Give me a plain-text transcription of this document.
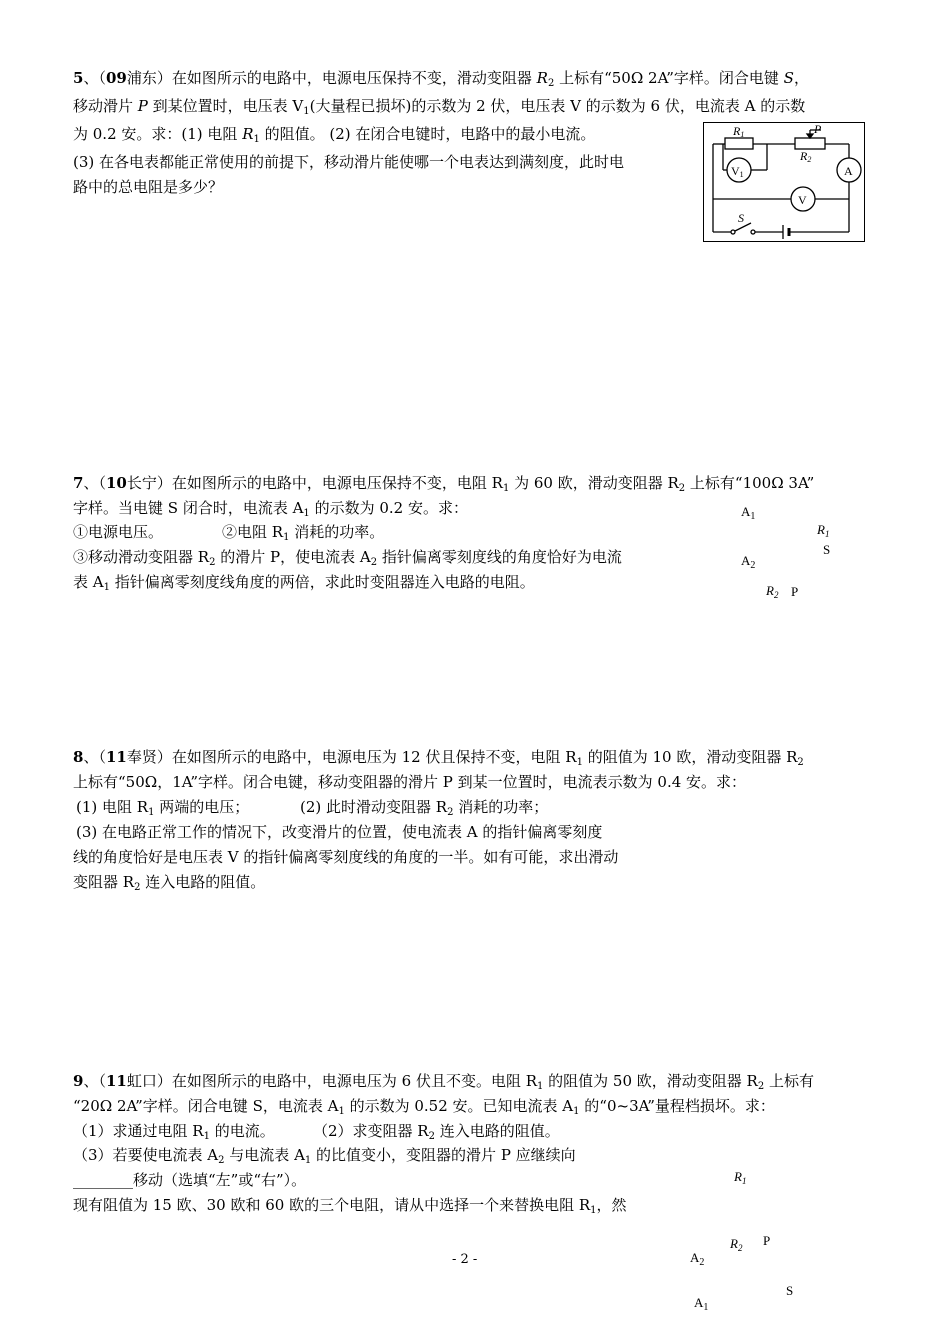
5、（09浦东）在如图所示的电路中，电源电压保持不变，滑动变阻器 $R_2$ 上标有“50Ω 2A”字样。闭合电键 S，
移动滑片 P 到某位置时，电压表 $V_1$(大量程已损坏)的示数为 2 伏，电压表 V 的示数为 6 伏，电流表 A 的示数
为 0.2 安。求：(1) 电阻 $R_1$ 的阻值。 (2) 在闭合电键时，电路中的最小电流。
(3) 在各电表都能正常使用的前提下，移动滑片能使哪一个电表达到满刻度，此时电
路中的总电阻是多少？
R1
R2
P
V1	A
V
S
7、（10长宁）在如图所示的电路中，电源电压保持不变，电阻 $R_1$ 为 60 欧，滑动变阻器 $R_2$ 上标有“100Ω 3A”
字样。当电键 S 闭合时，电流表 $A_1$ 的示数为 0.2 安。求：
①电源电压。	②电阻 $R_1$ 消耗的功率。
③移动滑动变阻器 $R_2$ 的滑片 P，使电流表 $A_2$ 指针偏离零刻度线的角度恰好为电流
表 $A_1$ 指针偏离零刻度线角度的两倍，求此时变阻器连入电路的电阻。
$A_1$
$R_1$
S
$A_2$
$R_2$ P
8、（11奉贤）在如图所示的电路中，电源电压为 12 伏且保持不变，电阻 $R_1$ 的阻值为 10 欧，滑动变阻器 $R_2$
上标有“50Ω，1A”字样。闭合电键，移动变阻器的滑片 P 到某一位置时，电流表示数为 0.4 安。求：
(1) 电阻 $R_1$ 两端的电压；	(2) 此时滑动变阻器 $R_2$ 消耗的功率；
(3) 在电路正常工作的情况下，改变滑片的位置，使电流表 A 的指针偏离零刻度
线的角度恰好是电压表 V 的指针偏离零刻度线的角度的一半。如有可能，求出滑动
变阻器 $R_2$ 连入电路的阻值。
9、（11虹口）在如图所示的电路中，电源电压为 6 伏且不变。电阻 $R_1$ 的阻值为 50 欧，滑动变阻器 $R_2$ 上标有
“20Ω 2A”字样。闭合电键 S，电流表 $A_1$ 的示数为 0.52 安。已知电流表 $A_1$ 的“0~3A”量程档损坏。求：
（1）求通过电阻 $R_1$ 的电流。	（2）求变阻器 $R_2$ 连入电路的阻值。
（3）若要使电流表 $A_2$ 与电流表 $A_1$ 的比值变小，变阻器的滑片 P 应继续向
________移动（选填“左”或“右”）。
现有阻值为 15 欧、30 欧和 60 欧的三个电阻，请从中选择一个来替换电阻 $R_1$，然
$R_1$
$R_2$ P
$A_2$
S
$A_1$
- 2 -
